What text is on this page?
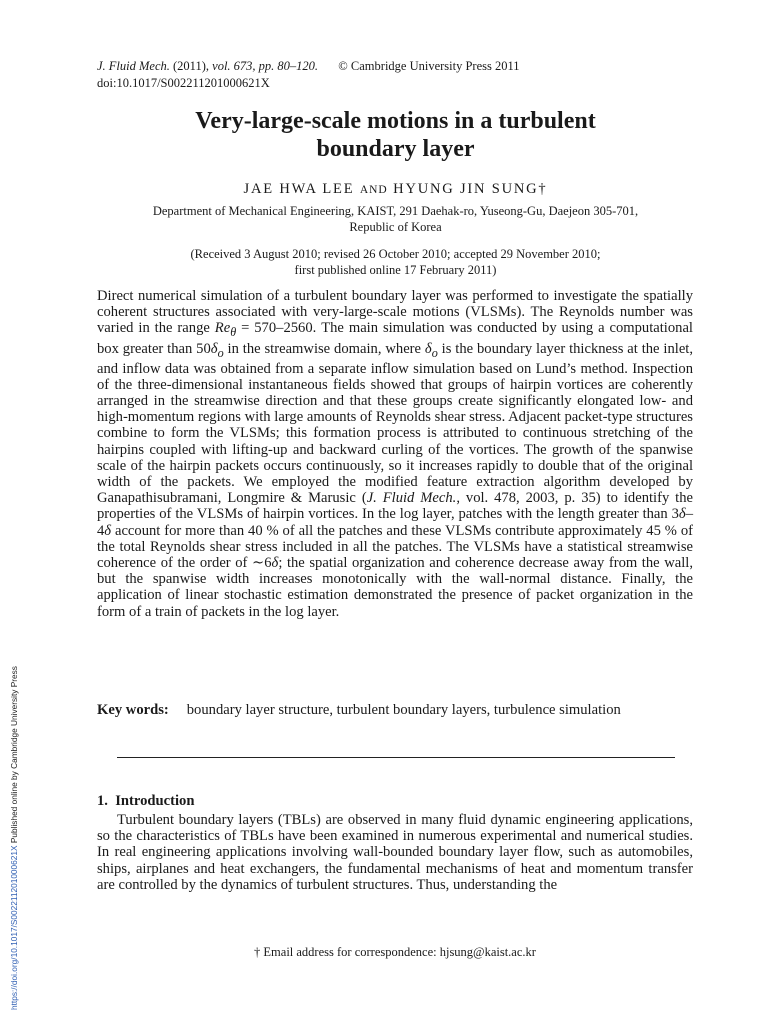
J. Fluid Mech. (2011), vol. 673, pp. 80–120. © Cambridge University Press 2011
doi:10.1017/S002211201000621X
Very-large-scale motions in a turbulent
boundary layer
JAE HWA LEE AND HYUNG JIN SUNG†
Department of Mechanical Engineering, KAIST, 291 Daehak-ro, Yuseong-Gu, Daejeon 305-701,
Republic of Korea
(Received 3 August 2010; revised 26 October 2010; accepted 29 November 2010;
first published online 17 February 2011)

Direct numerical simulation of a turbulent boundary layer was performed to investigate the spatially coherent structures associated with very-large-scale motions (VLSMs). The Reynolds number was varied in the range $Re_\theta = 570-2560$. The main simulation was conducted by using a computational box greater than $50\delta_o$ in the streamwise domain, where $\delta_o$ is the boundary layer thickness at the inlet, and inflow data was obtained from a separate inflow simulation based on Lund’s method. Inspection of the three-dimensional instantaneous fields showed that groups of hairpin vortices are coherently arranged in the streamwise direction and that these groups create significantly elongated low- and high-momentum regions with large amounts of Reynolds shear stress. Adjacent packet-type structures combine to form the VLSMs; this formation process is attributed to continuous stretching of the hairpins coupled with lifting-up and backward curling of the vortices. The growth of the spanwise scale of the hairpin packets occurs continuously, so it increases rapidly to double that of the original width of the packets. We employed the modified feature extraction algorithm developed by Ganapathisubramani, Longmire & Marusic (J. Fluid Mech., vol. 478, 2003, p. 35) to identify the properties of the VLSMs of hairpin vortices. In the log layer, patches with the length greater than 3δ–4δ account for more than 40 % of all the patches and these VLSMs contribute approximately 45 % of the total Reynolds shear stress included in all the patches. The VLSMs have a statistical streamwise coherence of the order of ∼6δ; the spatial organization and coherence decrease away from the wall, but the spanwise width increases monotonically with the wall-normal distance. Finally, the application of linear stochastic estimation demonstrated the presence of packet organization in the form of a train of packets in the log layer.

Key words: boundary layer structure, turbulent boundary layers, turbulence simulation

1. Introduction

Turbulent boundary layers (TBLs) are observed in many fluid dynamic engineering applications, so the characteristics of TBLs have been examined in numerous experimental and numerical studies. In real engineering applications involving wall-bounded boundary layer flow, such as automobiles, ships, airplanes and heat exchangers, the fundamental mechanisms of heat and momentum transfer are controlled by the dynamics of turbulent structures. Thus, understanding the

† Email address for correspondence: hjsung@kaist.ac.kr
https://doi.org/10.1017/S002211201000621X Published online by Cambridge University Press
